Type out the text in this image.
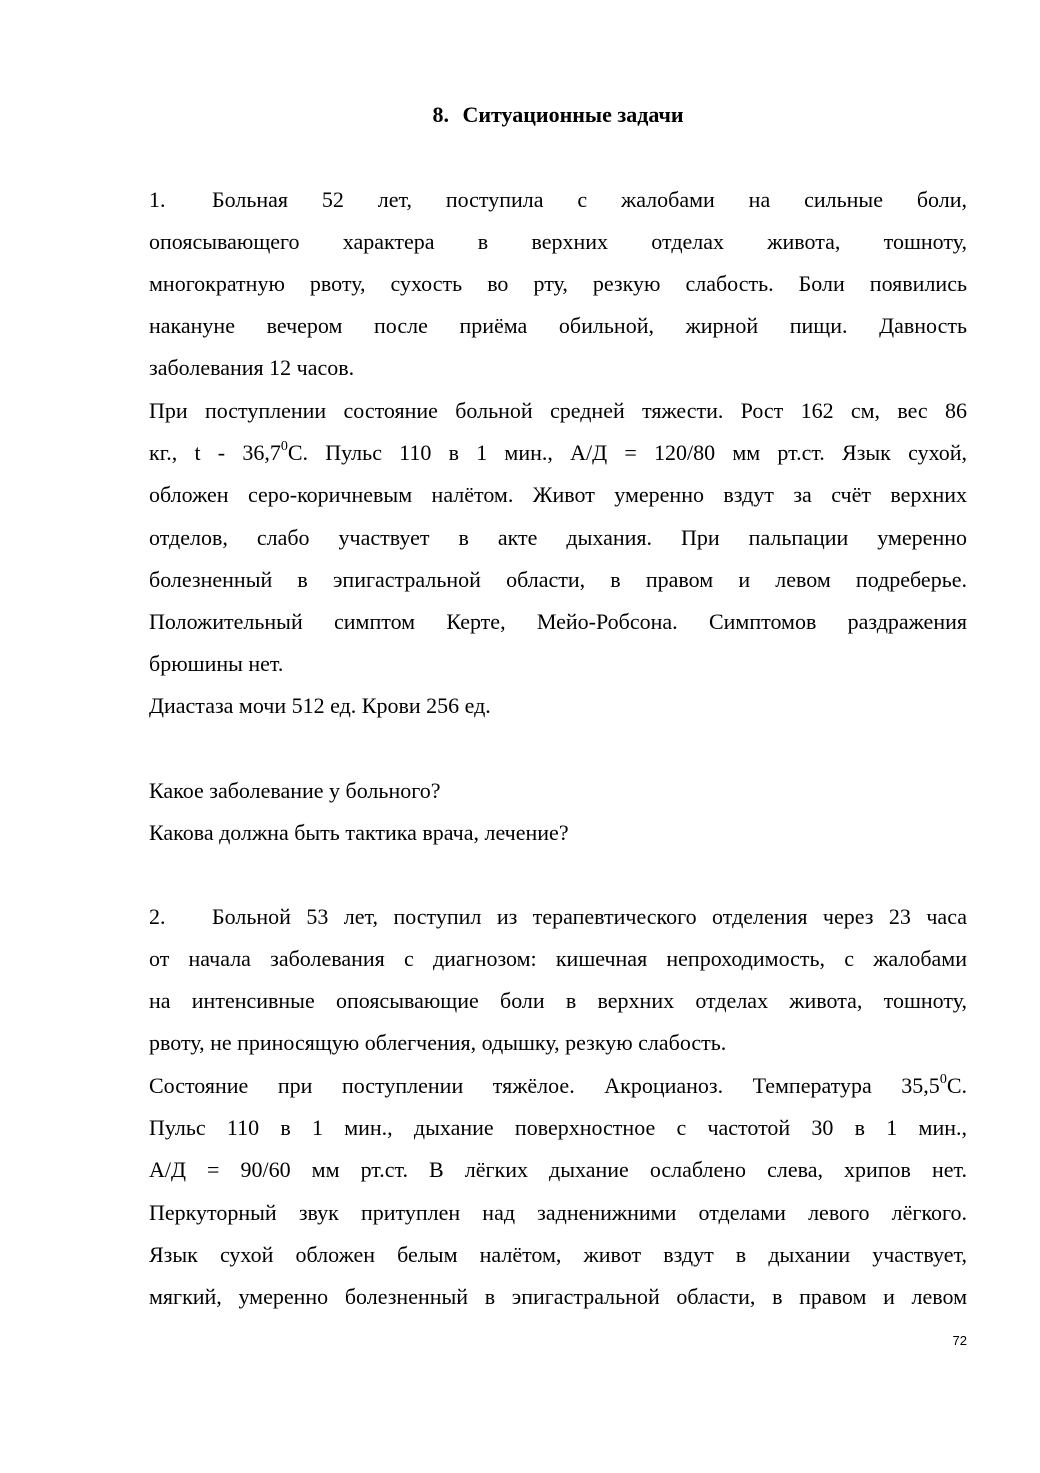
8. Ситуационные задачи
1. Больная 52 лет, поступила с жалобами на сильные боли,
опоясывающего характера в верхних отделах живота, тошноту,
многократную рвоту, сухость во рту, резкую слабость. Боли появились
накануне вечером после приёма обильной, жирной пищи. Давность
заболевания 12 часов.
При поступлении состояние больной средней тяжести. Рост 162 см, вес 86
кг., t - 36,7$^0$С. Пульс 110 в 1 мин., А/Д = 120/80 мм рт.ст. Язык сухой,
обложен серо-коричневым налётом. Живот умеренно вздут за счёт верхних
отделов, слабо участвует в акте дыхания. При пальпации умеренно
болезненный в эпигастральной области, в правом и левом подреберье.
Положительный симптом Керте, Мейо-Робсона. Симптомов раздражения
брюшины нет.
Диастаза мочи 512 ед. Крови 256 ед.
Какое заболевание у больного?
Какова должна быть тактика врача, лечение?
2. Больной 53 лет, поступил из терапевтического отделения через 23 часа
от начала заболевания с диагнозом: кишечная непроходимость, с жалобами
на интенсивные опоясывающие боли в верхних отделах живота, тошноту,
рвоту, не приносящую облегчения, одышку, резкую слабость.
Состояние при поступлении тяжёлое. Акроцианоз. Температура 35,5$^0$С.
Пульс 110 в 1 мин., дыхание поверхностное с частотой 30 в 1 мин.,
А/Д = 90/60 мм рт.ст. В лёгких дыхание ослаблено слева, хрипов нет.
Перкуторный звук притуплен над задненижними отделами левого лёгкого.
Язык сухой обложен белым налётом, живот вздут в дыхании участвует,
мягкий, умеренно болезненный в эпигастральной области, в правом и левом
72
